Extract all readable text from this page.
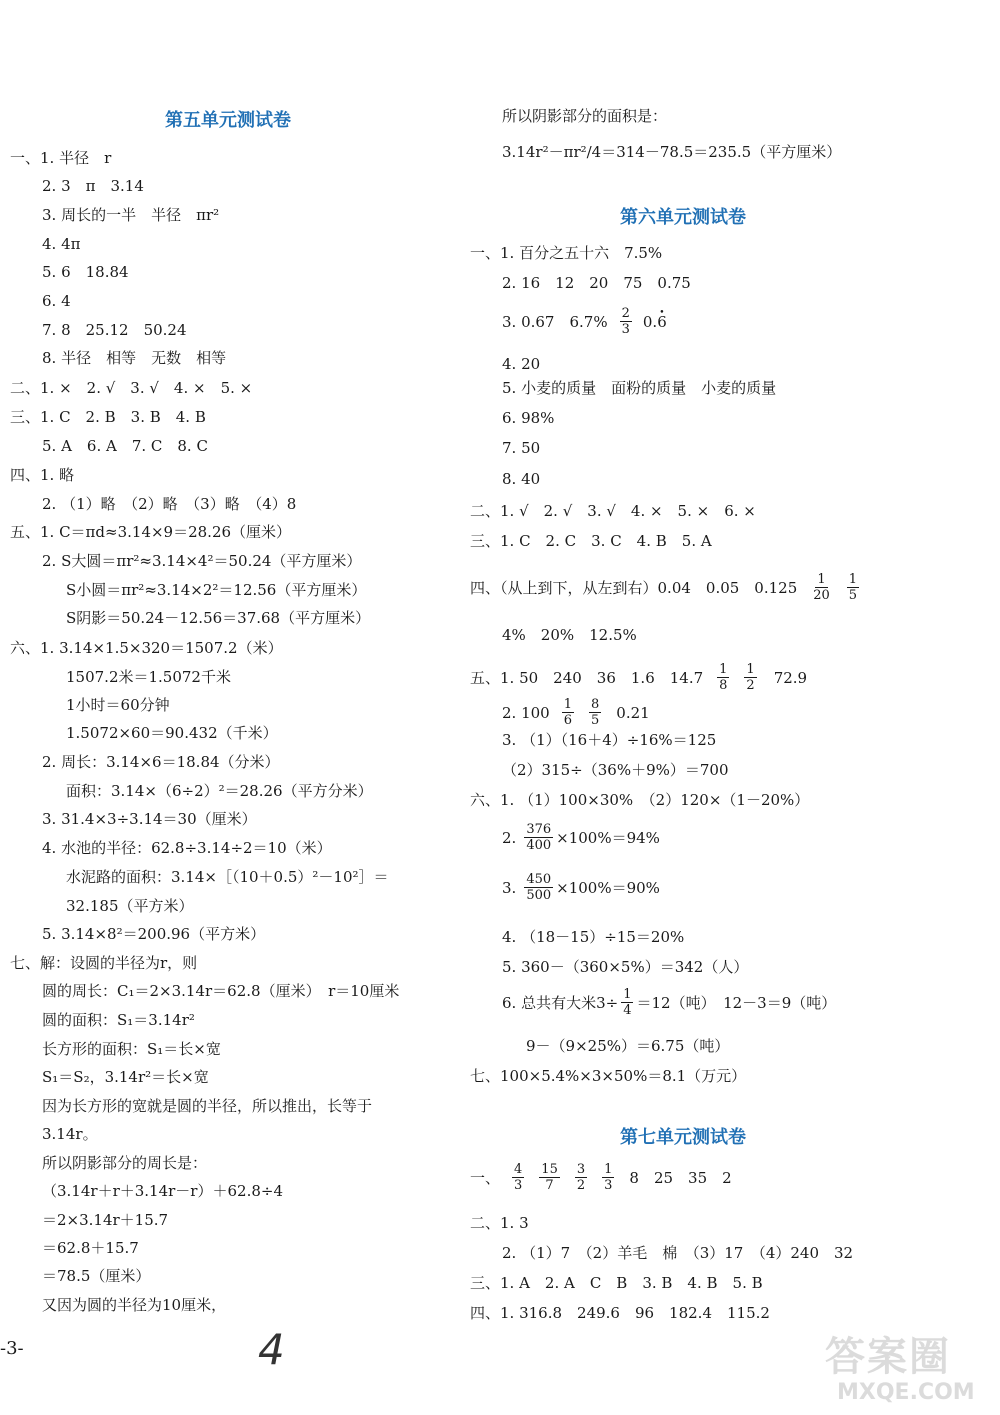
第五单元测试卷
一、1. 半径　r
2. 3　π　3.14
3. 周长的一半　半径　πr²
4. 4π
5. 6　18.84
6. 4
7. 8　25.12　50.24
8. 半径　相等　无数　相等
二、1. ×　2. √　3. √　4. ×　5. ×
三、1. C　2. B　3. B　4. B
5. A　6. A　7. C　8. C
四、1. 略
2. （1）略　（2）略　（3）略　（4）8
五、1. C＝πd≈3.14×9＝28.26（厘米）
2. S大圆＝πr²≈3.14×4²＝50.24（平方厘米）
S小圆＝πr²≈3.14×2²＝12.56（平方厘米）
S阴影＝50.24－12.56＝37.68（平方厘米）
六、1. 3.14×1.5×320＝1507.2（米）
1507.2米＝1.5072千米
1小时＝60分钟
1.5072×60＝90.432（千米）
2. 周长：3.14×6＝18.84（分米）
面积：3.14×（6÷2）²＝28.26（平方分米）
3. 31.4×3÷3.14＝30（厘米）
4. 水池的半径：62.8÷3.14÷2＝10（米）
水泥路的面积：3.14×［（10＋0.5）²－10²］＝
32.185（平方米）
5. 3.14×8²＝200.96（平方米）
七、解：设圆的半径为r，则
圆的周长：C₁＝2×3.14r＝62.8（厘米）　r＝10厘米
圆的面积：S₁＝3.14r²
长方形的面积：S₁＝长×宽
S₁＝S₂，3.14r²＝长×宽
因为长方形的宽就是圆的半径，所以推出，长等于
3.14r。
所以阴影部分的周长是：
（3.14r＋r＋3.14r－r）＋62.8÷4
＝2×3.14r＋15.7
＝62.8＋15.7
＝78.5（厘米）
又因为圆的半径为10厘米，
所以阴影部分的面积是：
3.14r²－πr²/4＝314－78.5＝235.5（平方厘米）
第六单元测试卷
一、1. 百分之五十六　7.5%
2. 16　12　20　75　0.75
3. 0.67　$6.7\% \frac{2}{3} 0$.
• 6
4. 20
5. 小麦的质量　面粉的质量　小麦的质量
6. 98%
7. 50
8. 40
二、1. √　2. √　3. √　4. ×　5. ×　6. ×
三、1. C　2. C　3. C　4. B　5. A
四、（从上到下，从左到右）0.04　0.05　$0.125 \frac{1}{20} \frac{1}{5}$
4%　20%　12.5%
五、1. 50　240　36　1.6　$14.7 \frac{1}{8} \frac{1}{2} 72.9$
2. $100 \frac{1}{6} \frac{8}{5} 0.21$
3. （1）（16＋4）÷16%＝125
（2）315÷（36%＋9%）＝700
六、1. （1）100×30%　（2）120×（1－20%）
2. $\frac{376}{400} \times 100\%=94\%$
3. $\frac{450}{500} \times 100\%=90\%$
4. （18－15）÷15＝20%
5. 360－（360×5%）＝342（人）
6. 总共有大米$3\div \frac{1}{4} =12$（吨）　12－3＝9（吨）
9－（9×25%）＝6.75（吨）
七、100×5.4%×3×50%＝8.1（万元）
第七单元测试卷
一、 $\frac{4}{3} \frac{15}{7} \frac{3}{2} \frac{1}{3} 8$　25　35　2
二、1. 3
2. （1）7　（2）羊毛　棉　（3）17　（4）240　32
三、1. A　2. A　C　B　3. B　4. B　5. B
四、1. 316.8　249.6　96　182.4　115.2
-3-	4	答案圈
MXQE.COM
